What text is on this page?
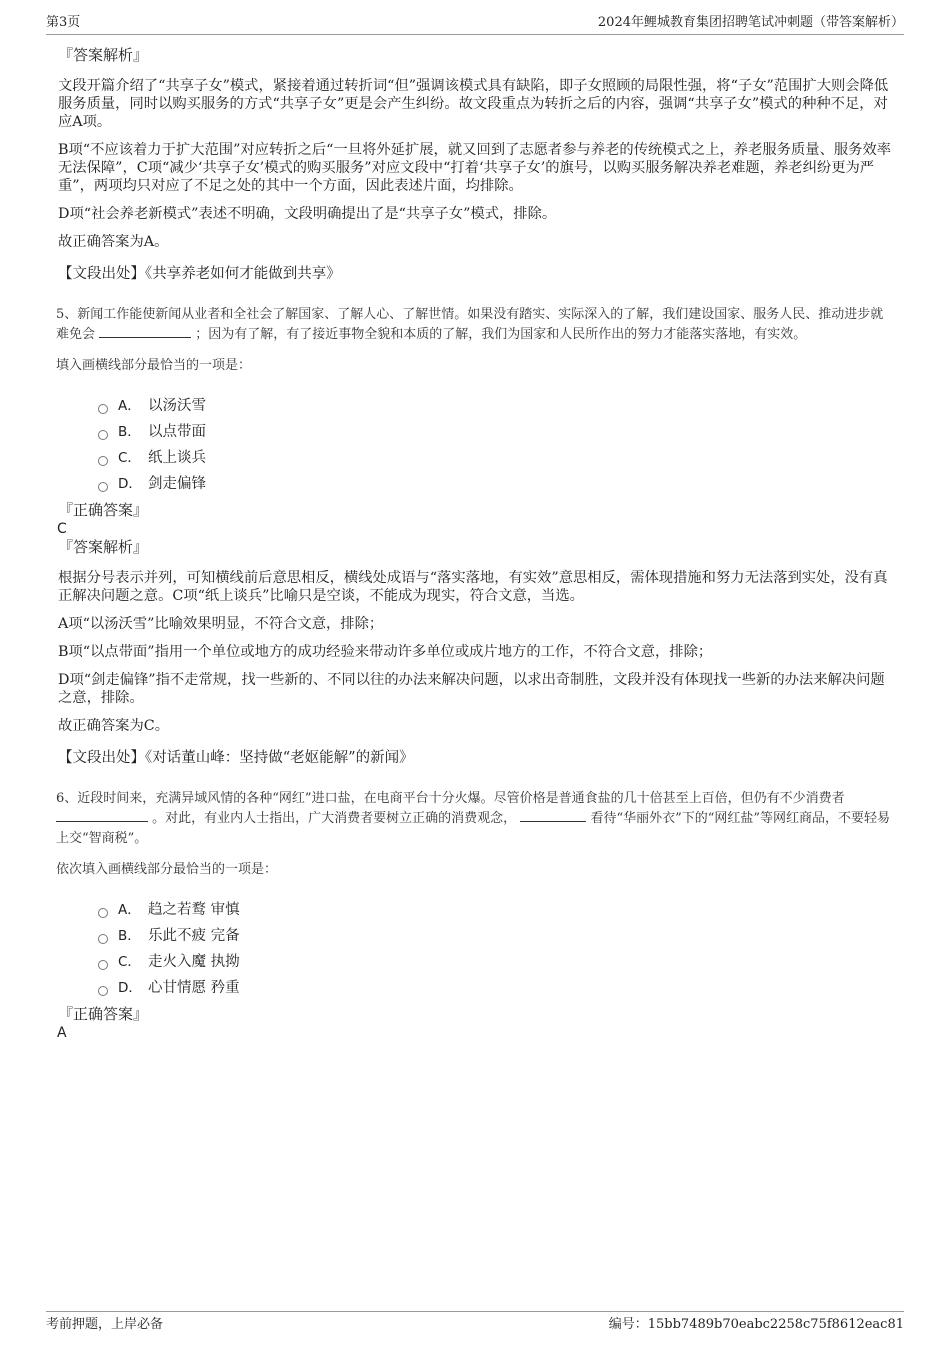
第3页	2024年鲤城教育集团招聘笔试冲刺题（带答案解析）
『答案解析』
文段开篇介绍了“共享子女”模式，紧接着通过转折词“但”强调该模式具有缺陷，即子女照顾的局限性强，将“子女”范围扩大则会降低服务质量，同时以购买服务的方式“共享子女”更是会产生纠纷。故文段重点为转折之后的内容，强调“共享子女”模式的种种不足，对应A项。
B项“不应该着力于扩大范围”对应转折之后“一旦将外延扩展，就又回到了志愿者参与养老的传统模式之上，养老服务质量、服务效率无法保障”，C项“减少‘共享子女’模式的购买服务”对应文段中“打着‘共享子女’的旗号，以购买服务解决养老难题，养老纠纷更为严重”，两项均只对应了不足之处的其中一个方面，因此表述片面，均排除。
D项“社会养老新模式”表述不明确，文段明确提出了是“共享子女”模式，排除。
故正确答案为A。
【文段出处】《共享养老如何才能做到共享》
5、新闻工作能使新闻从业者和全社会了解国家、了解人心、了解世情。如果没有踏实、实际深入的了解，我们建设国家、服务人民、推动进步就难免会	；因为有了解，有了接近事物全貌和本质的了解，我们为国家和人民所作出的努力才能落实落地，有实效。
填入画横线部分最恰当的一项是：
A． 以汤沃雪
B． 以点带面
C． 纸上谈兵
D． 剑走偏锋
『正确答案』
C
『答案解析』
根据分号表示并列，可知横线前后意思相反，横线处成语与“落实落地，有实效”意思相反，需体现措施和努力无法落到实处，没有真正解决问题之意。C项“纸上谈兵”比喻只是空谈，不能成为现实，符合文意，当选。
A项“以汤沃雪”比喻效果明显，不符合文意，排除；
B项“以点带面”指用一个单位或地方的成功经验来带动许多单位或成片地方的工作，不符合文意，排除；
D项“剑走偏锋”指不走常规，找一些新的、不同以往的办法来解决问题，以求出奇制胜，文段并没有体现找一些新的办法来解决问题之意，排除。
故正确答案为C。
【文段出处】《对话董山峰：坚持做“老妪能解”的新闻》
6、近段时间来，充满异域风情的各种“网红”进口盐，在电商平台十分火爆。尽管价格是普通食盐的几十倍甚至上百倍，但仍有不少消费者  。对此，有业内人士指出，广大消费者要树立正确的消费观念，	看待“华丽外衣”下的“网红盐”等网红商品，不要轻易上交“智商税”。
依次填入画横线部分最恰当的一项是：
A． 趋之若鹜 审慎
B． 乐此不疲 完备
C． 走火入魔 执拗
D． 心甘情愿 矜重
『正确答案』
A
考前押题，上岸必备	编号：15bb7489b70eabc2258c75f8612eac81
